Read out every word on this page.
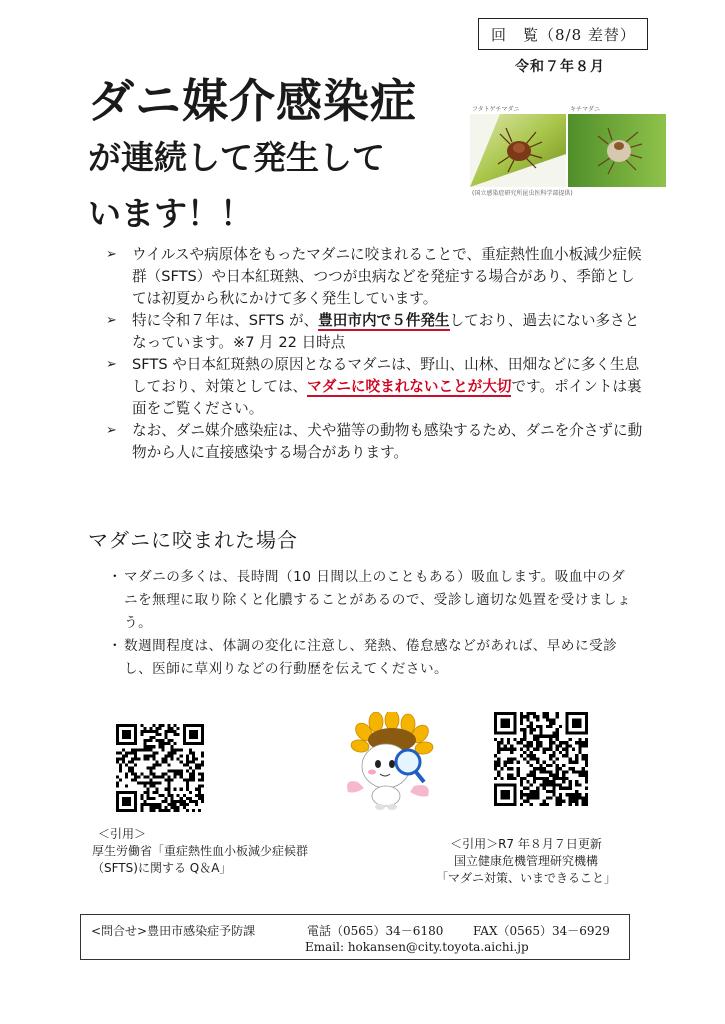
回　覧（8/8 差替）
令和７年８月
ダニ媒介感染症
が連続して発生して
います！！
フタトゲチマダニ	キチマダニ
(国立感染症研究所昆虫医科学部提供)
➢ ウイルスや病原体をもったマダニに咬まれることで、重症熱性血小板減少症候群（SFTS）や日本紅斑熱、つつが虫病などを発症する場合があり、季節としては初夏から秋にかけて多く発生しています。
➢ 特に令和７年は、SFTS が、豊田市内で５件発生しており、過去にない多さとなっています。※7 月 22 日時点
➢ SFTS や日本紅斑熱の原因となるマダニは、野山、山林、田畑などに多く生息しており、対策としては、マダニに咬まれないことが大切です。ポイントは裏面をご覧ください。
➢ なお、ダニ媒介感染症は、犬や猫等の動物も感染するため、ダニを介さずに動物から人に直接感染する場合があります。
マダニに咬まれた場合
・ マダニの多くは、長時間（10 日間以上のこともある）吸血します。吸血中のダニを無理に取り除くと化膿することがあるので、受診し適切な処置を受けましょう。
・ 数週間程度は、体調の変化に注意し、発熱、倦怠感などがあれば、早めに受診し、医師に草刈りなどの行動歴を伝えてください。
＜引用＞
厚生労働省「重症熱性血小板減少症候群
（SFTS)に関する Q＆A」
＜引用＞R7 年８月７日更新
国立健康危機管理研究機構
「マダニ対策、いまできること」
<問合せ>豊田市感染症予防課	電話（0565）34－6180 FAX（0565）34－6929
Email: hokansen@city.toyota.aichi.jp
